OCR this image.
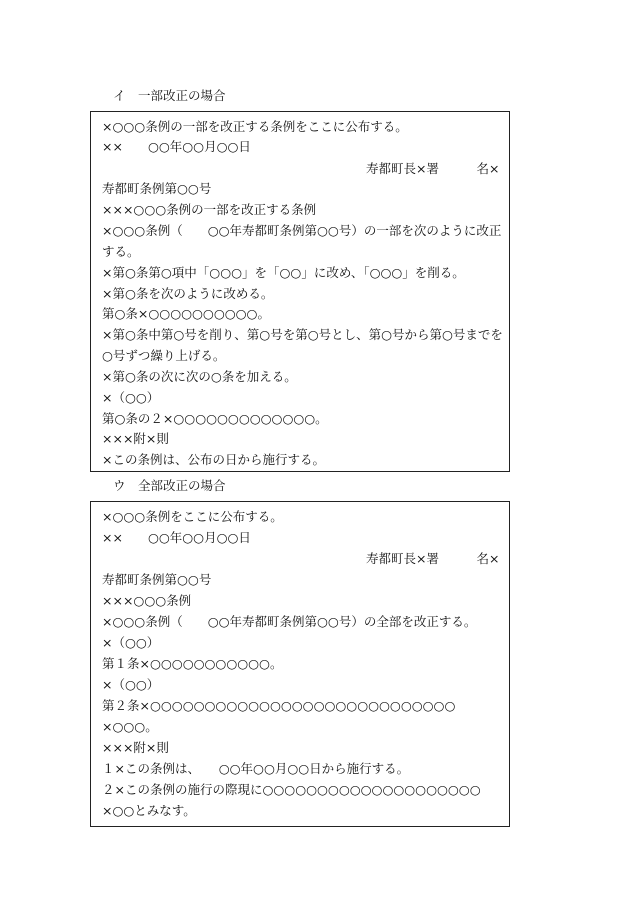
イ　一部改正の場合
×○○○条例の一部を改正する条例をここに公布する。
××　　○○年○○月○○日
寿都町長×署　　　名×
寿都町条例第○○号
×××○○○条例の一部を改正する条例
×○○○条例（　　○○年寿都町条例第○○号）の一部を次のように改正
する。
×第○条第○項中「○○○」を「○○」に改め、「○○○」を削る。
×第○条を次のように改める。
第○条×○○○○○○○○○○。
×第○条中第○号を削り、第○号を第○号とし、第○号から第○号までを
○号ずつ繰り上げる。
×第○条の次に次の○条を加える。
×（○○）
第○条の２×○○○○○○○○○○○○○。
×××附×則
×この条例は、公布の日から施行する。
ウ　全部改正の場合
×○○○条例をここに公布する。
××　　○○年○○月○○日
寿都町長×署　　　名×
寿都町条例第○○号
×××○○○条例
×○○○条例（　　○○年寿都町条例第○○号）の全部を改正する。
×（○○）
第１条×○○○○○○○○○○○。
×（○○）
第２条×○○○○○○○○○○○○○○○○○○○○○○○○○○○○
×○○○。
×××附×則
１×この条例は、　　○○年○○月○○日から施行する。
２×この条例の施行の際現に○○○○○○○○○○○○○○○○○○○○
×○○とみなす。
